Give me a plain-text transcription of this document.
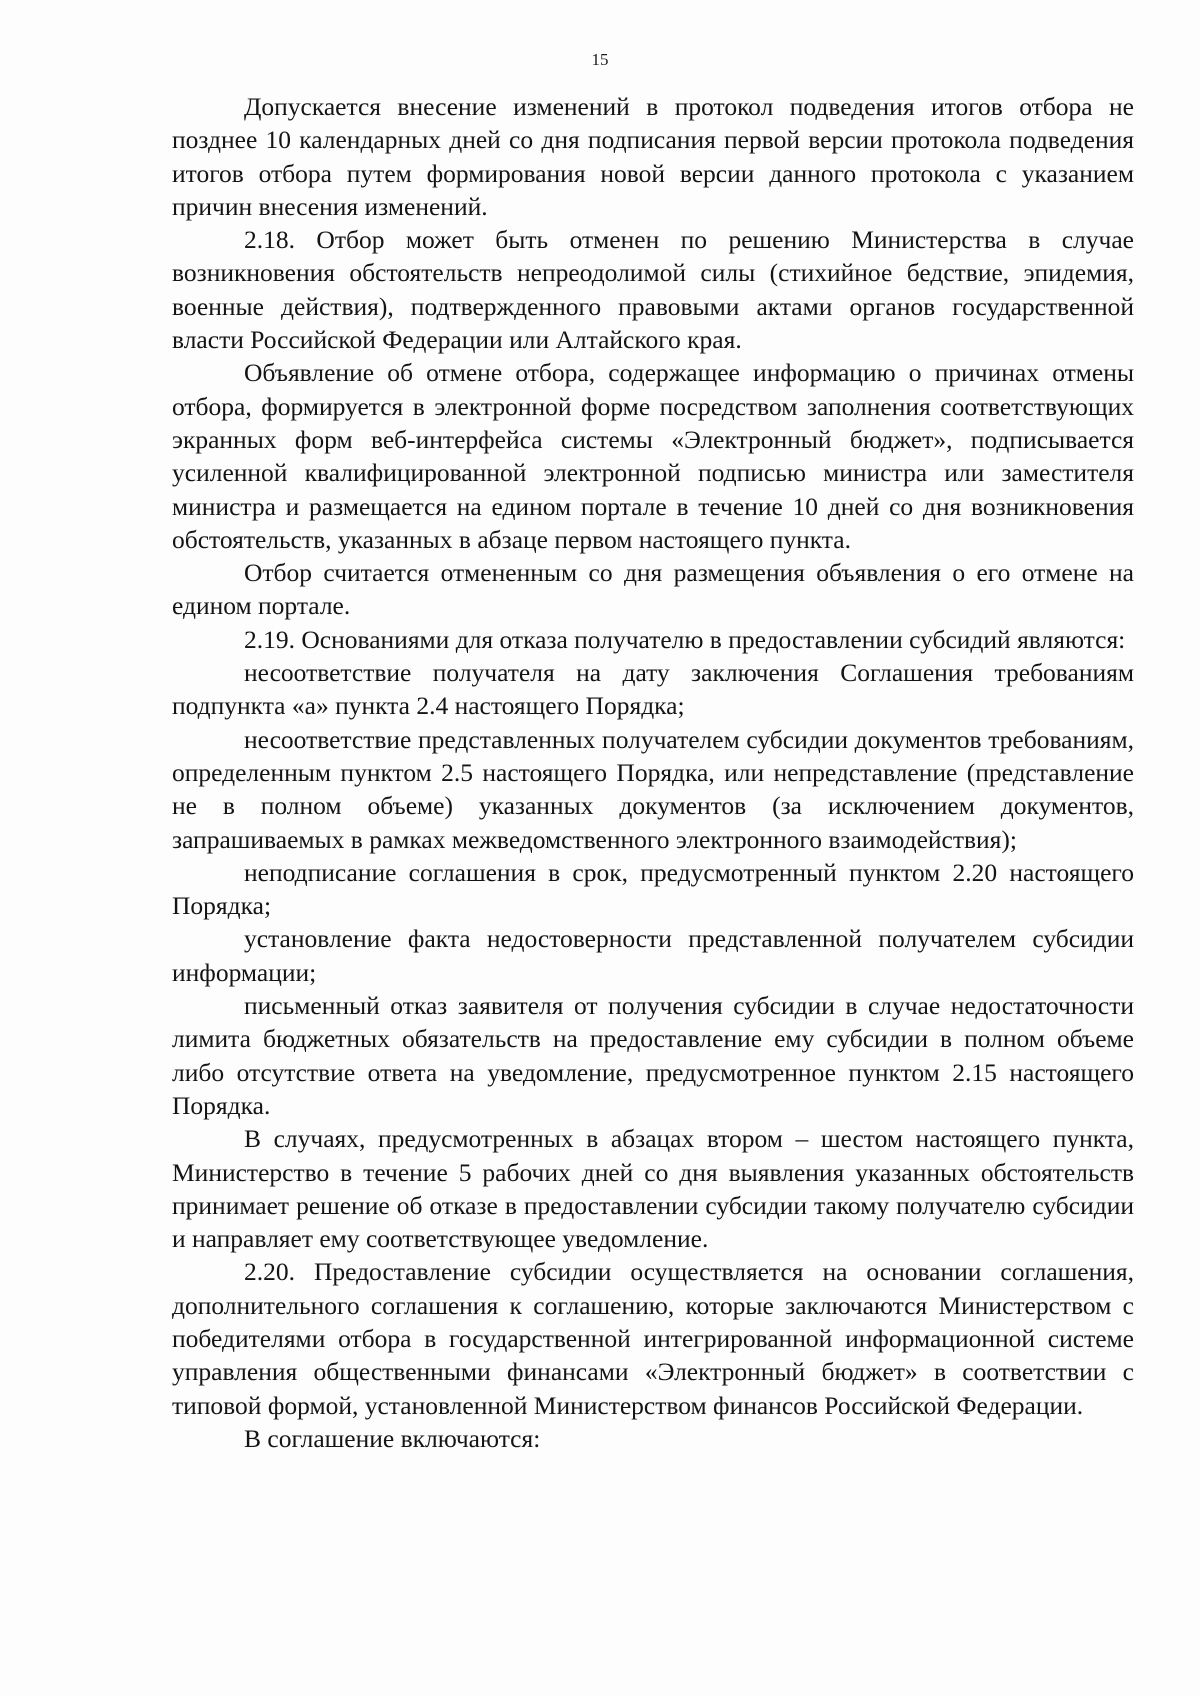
15

Допускается внесение изменений в протокол подведения итогов отбора не позднее 10 календарных дней со дня подписания первой версии протокола подведения итогов отбора путем формирования новой версии данного протокола с указанием причин внесения изменений.

2.18. Отбор может быть отменен по решению Министерства в случае возникновения обстоятельств непреодолимой силы (стихийное бедствие, эпидемия, военные действия), подтвержденного правовыми актами органов государственной власти Российской Федерации или Алтайского края.

Объявление об отмене отбора, содержащее информацию о причинах отмены отбора, формируется в электронной форме посредством заполнения соответствующих экранных форм веб-интерфейса системы «Электронный бюджет», подписывается усиленной квалифицированной электронной подписью министра или заместителя министра и размещается на едином портале в течение 10 дней со дня возникновения обстоятельств, указанных в абзаце первом настоящего пункта.

Отбор считается отмененным со дня размещения объявления о его отмене на едином портале.

2.19. Основаниями для отказа получателю в предоставлении субсидий являются:

несоответствие получателя на дату заключения Соглашения требованиям подпункта «а» пункта 2.4 настоящего Порядка;

несоответствие представленных получателем субсидии документов требованиям, определенным пунктом 2.5 настоящего Порядка, или непредставление (представление не в полном объеме) указанных документов (за исключением документов, запрашиваемых в рамках межведомственного электронного взаимодействия);

неподписание соглашения в срок, предусмотренный пунктом 2.20 настоящего Порядка;

установление факта недостоверности представленной получателем субсидии информации;

письменный отказ заявителя от получения субсидии в случае недостаточности лимита бюджетных обязательств на предоставление ему субсидии в полном объеме либо отсутствие ответа на уведомление, предусмотренное пунктом 2.15 настоящего Порядка.

В случаях, предусмотренных в абзацах втором – шестом настоящего пункта, Министерство в течение 5 рабочих дней со дня выявления указанных обстоятельств принимает решение об отказе в предоставлении субсидии такому получателю субсидии и направляет ему соответствующее уведомление.

2.20. Предоставление субсидии осуществляется на основании соглашения, дополнительного соглашения к соглашению, которые заключаются Министерством с победителями отбора в государственной интегрированной информационной системе управления общественными финансами «Электронный бюджет» в соответствии с типовой формой, установленной Министерством финансов Российской Федерации.

В соглашение включаются:
